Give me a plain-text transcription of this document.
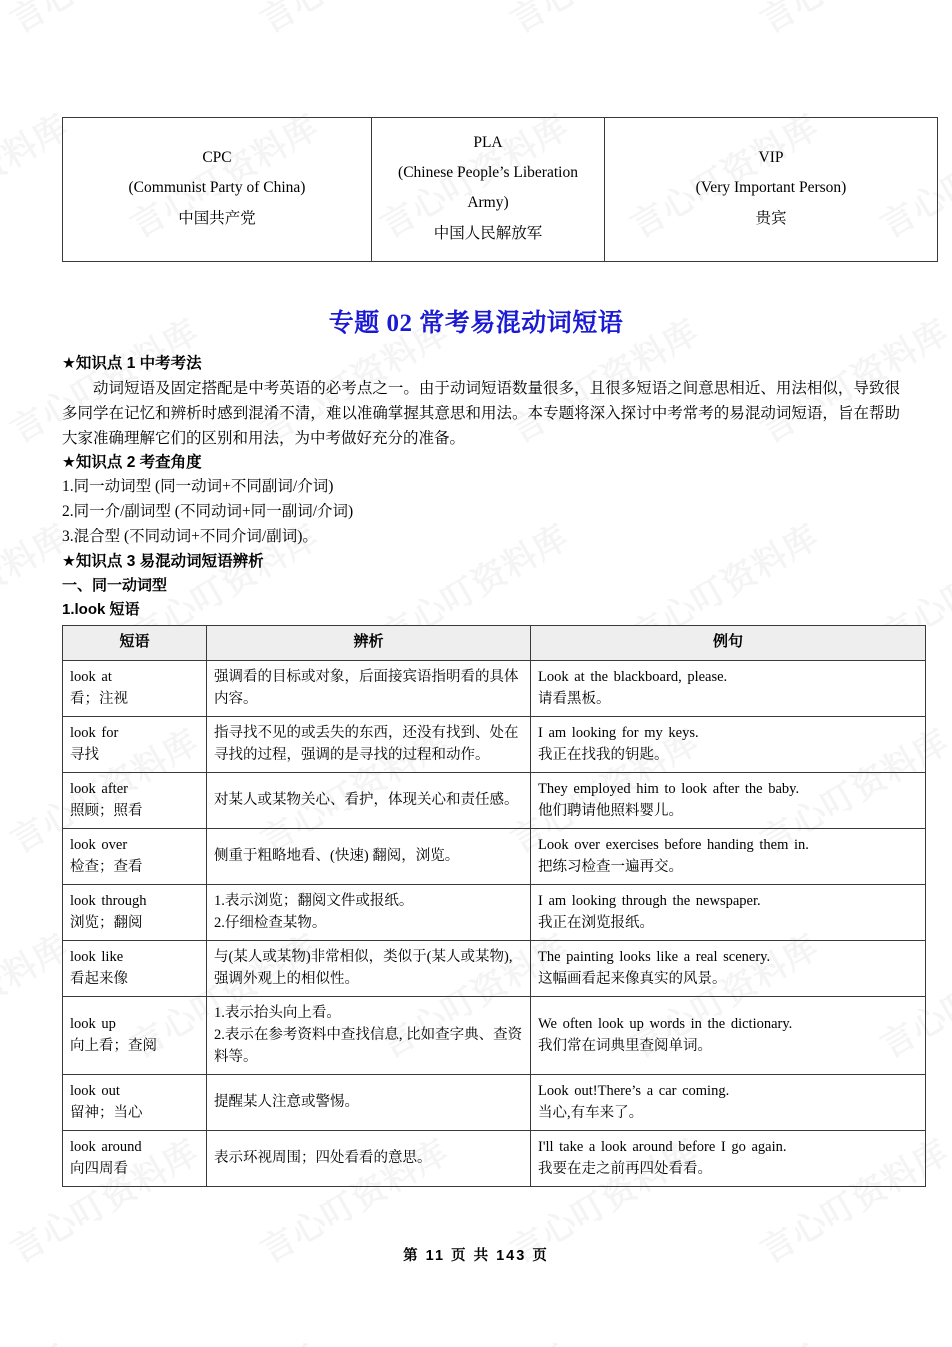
CPC
(Communist Party of China)
中国共产党

PLA
(Chinese People’s Liberation
Army)
中国人民解放军

VIP
(Very Important Person)
贵宾
专题 02 常考易混动词短语

★知识点 1 中考考法

动词短语及固定搭配是中考英语的必考点之一。由于动词短语数量很多，且很多短语之间意思相近、用法相似，导致很多同学在记忆和辨析时感到混淆不清，难以准确掌握其意思和用法。本专题将深入探讨中考常考的易混动词短语，旨在帮助大家准确理解它们的区别和用法，为中考做好充分的准备。

★知识点 2 考查角度

1.同一动词型 (同一动词+不同副词/介词)

2.同一介/副词型 (不同动词+同一副词/介词)

3.混合型 (不同动词+不同介词/副词)。

★知识点 3 易混动词短语辨析

一、同一动词型

1.look 短语

短语	辨析	例句

look at
看；注视	强调看的目标或对象，后面接宾语指明看的具体内容。	Look at the blackboard, please.
请看黑板。

look for
寻找	指寻找不见的或丢失的东西，还没有找到、处在寻找的过程，强调的是寻找的过程和动作。	I am looking for my keys.
我正在找我的钥匙。

look after
照顾；照看	对某人或某物关心、看护，体现关心和责任感。	They employed him to look after the baby.
他们聘请他照料婴儿。

look over
检查；查看	侧重于粗略地看、(快速) 翻阅，浏览。	Look over exercises before handing them in.
把练习检查一遍再交。

look through
浏览；翻阅	1.表示浏览；翻阅文件或报纸。
2.仔细检查某物。	I am looking through the newspaper.
我正在浏览报纸。

look like
看起来像	与(某人或某物)非常相似，类似于(某人或某物), 强调外观上的相似性。	The painting looks like a real scenery.
这幅画看起来像真实的风景。

look up
向上看；查阅	1.表示抬头向上看。
2.表示在参考资料中查找信息, 比如查字典、查资料等。	We often look up words in the dictionary.
我们常在词典里查阅单词。

look out
留神；当心	提醒某人注意或警惕。	Look out!There’s a car coming.
当心,有车来了。

look around
向四周看	表示环视周围；四处看看的意思。	I'll take a look around before I go again.
我要在走之前再四处看看。
第 11 页 共 143 页
